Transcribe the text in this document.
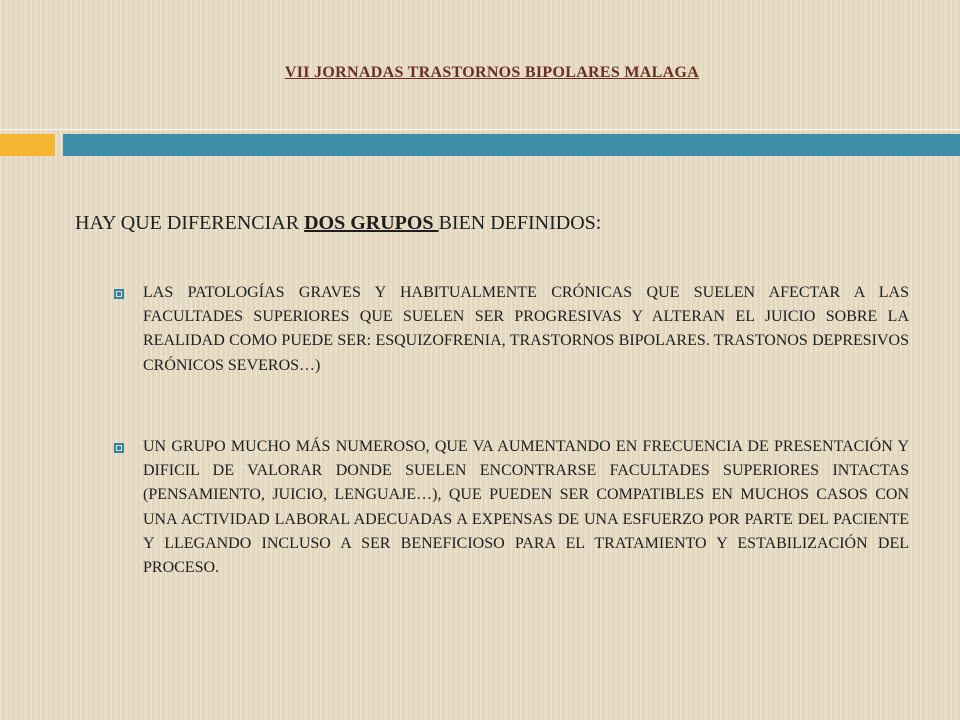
VII JORNADAS TRASTORNOS BIPOLARES MALAGA
HAY QUE DIFERENCIAR DOS GRUPOS BIEN DEFINIDOS:
LAS PATOLOGÍAS GRAVES Y HABITUALMENTE CRÓNICAS QUE SUELEN AFECTAR A LAS FACULTADES SUPERIORES QUE SUELEN SER PROGRESIVAS Y ALTERAN EL JUICIO SOBRE LA REALIDAD COMO PUEDE SER: ESQUIZOFRENIA, TRASTORNOS BIPOLARES. TRASTONOS DEPRESIVOS CRÓNICOS SEVEROS…)
UN GRUPO MUCHO MÁS NUMEROSO, QUE VA AUMENTANDO EN FRECUENCIA DE PRESENTACIÓN Y DIFICIL DE VALORAR DONDE SUELEN ENCONTRARSE FACULTADES SUPERIORES INTACTAS (PENSAMIENTO, JUICIO, LENGUAJE…), QUE PUEDEN SER COMPATIBLES EN MUCHOS CASOS CON UNA ACTIVIDAD LABORAL ADECUADAS A EXPENSAS DE UNA ESFUERZO POR PARTE DEL PACIENTE Y LLEGANDO INCLUSO A SER BENEFICIOSO PARA EL TRATAMIENTO Y ESTABILIZACIÓN DEL PROCESO.
